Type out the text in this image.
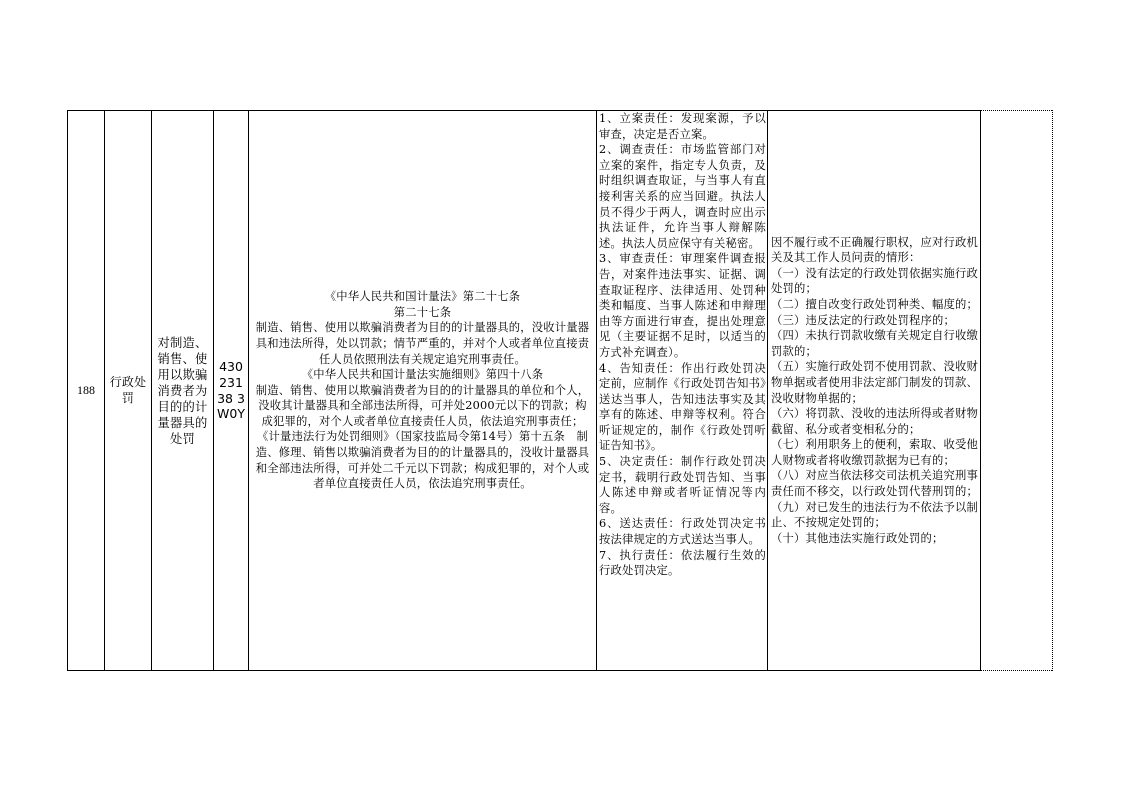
188
行政处罚
对制造、销售、使用以欺骗消费者为目的的计量器具的处罚
43023138 3W0Y

《中华人民共和国计量法》第二十七条

第二十七条

制造、销售、使用以欺骗消费者为目的的计量器具的，没收计量器具和违法所得，处以罚款；情节严重的，并对个人或者单位直接责任人员依照刑法有关规定追究刑事责任。

《中华人民共和国计量法实施细则》第四十八条

制造、销售、使用以欺骗消费者为目的的计量器具的单位和个人，没收其计量器具和全部违法所得，可并处2000元以下的罚款；构成犯罪的，对个人或者单位直接责任人员，依法追究刑事责任；

《计量违法行为处罚细则》（国家技监局令第14号）第十五条　制造、修理、销售以欺骗消费者为目的的计量器具的，没收计量器具和全部违法所得，可并处二千元以下罚款；构成犯罪的，对个人或者单位直接责任人员，依法追究刑事责任。

1、立案责任：发现案源，予以审查，决定是否立案。

2、调查责任：市场监管部门对立案的案件，指定专人负责，及时组织调查取证，与当事人有直接利害关系的应当回避。执法人员不得少于两人，调查时应出示执法证件，允许当事人辩解陈述。执法人员应保守有关秘密。

3、审查责任：审理案件调查报告，对案件违法事实、证据、调查取证程序、法律适用、处罚种类和幅度、当事人陈述和申辩理由等方面进行审查，提出处理意见（主要证据不足时，以适当的方式补充调查）。

4、告知责任：作出行政处罚决定前，应制作《行政处罚告知书》送达当事人，告知违法事实及其享有的陈述、申辩等权利。符合听证规定的，制作《行政处罚听证告知书》。

5、决定责任：制作行政处罚决定书，载明行政处罚告知、当事人陈述申辩或者听证情况等内容。

6、送达责任：行政处罚决定书按法律规定的方式送达当事人。

7、执行责任：依法履行生效的行政处罚决定。

因不履行或不正确履行职权，应对行政机关及其工作人员问责的情形：

（一）没有法定的行政处罚依据实施行政处罚的；

（二）擅自改变行政处罚种类、幅度的；

（三）违反法定的行政处罚程序的；

（四）未执行罚款收缴有关规定自行收缴罚款的；

（五）实施行政处罚不使用罚款、没收财物单据或者使用非法定部门制发的罚款、没收财物单据的；

（六）将罚款、没收的违法所得或者财物截留、私分或者变相私分的；

（七）利用职务上的便利，索取、收受他人财物或者将收缴罚款据为已有的；

（八）对应当依法移交司法机关追究刑事责任而不移交，以行政处罚代替刑罚的；

（九）对已发生的违法行为不依法予以制止、不按规定处罚的；

（十）其他违法实施行政处罚的；
